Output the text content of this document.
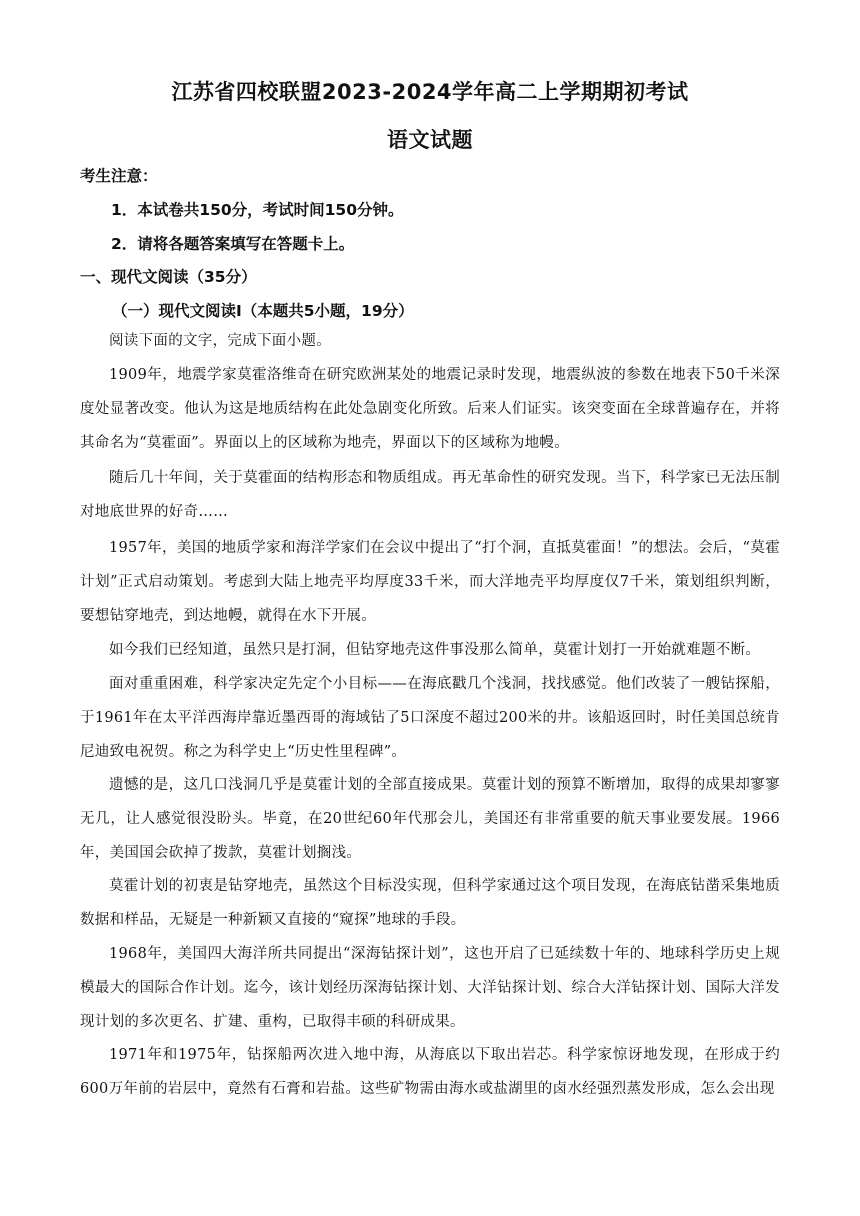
江苏省四校联盟2023-2024学年高二上学期期初考试
语文试题
考生注意：
1．本试卷共150分，考试时间150分钟。
2．请将各题答案填写在答题卡上。
一、现代文阅读（35分）
（一）现代文阅读Ⅰ（本题共5小题，19分）
阅读下面的文字，完成下面小题。
1909年，地震学家莫霍洛维奇在研究欧洲某处的地震记录时发现，地震纵波的参数在地表下50千米深度处显著改变。他认为这是地质结构在此处急剧变化所致。后来人们证实。该突变面在全球普遍存在，并将其命名为“莫霍面”。界面以上的区域称为地壳，界面以下的区域称为地幔。
随后几十年间，关于莫霍面的结构形态和物质组成。再无革命性的研究发现。当下，科学家已无法压制对地底世界的好奇……
1957年，美国的地质学家和海洋学家们在会议中提出了“打个洞，直抵莫霍面！”的想法。会后，“莫霍计划”正式启动策划。考虑到大陆上地壳平均厚度33千米，而大洋地壳平均厚度仅7千米，策划组织判断，要想钻穿地壳，到达地幔，就得在水下开展。
如今我们已经知道，虽然只是打洞，但钻穿地壳这件事没那么简单，莫霍计划打一开始就难题不断。
面对重重困难，科学家决定先定个小目标——在海底戳几个浅洞，找找感觉。他们改装了一艘钻探船，于1961年在太平洋西海岸靠近墨西哥的海域钻了5口深度不超过200米的井。该船返回时，时任美国总统肯尼迪致电祝贺。称之为科学史上“历史性里程碑”。
遗憾的是，这几口浅洞几乎是莫霍计划的全部直接成果。莫霍计划的预算不断增加，取得的成果却寥寥无几，让人感觉很没盼头。毕竟，在20世纪60年代那会儿，美国还有非常重要的航天事业要发展。1966年，美国国会砍掉了拨款，莫霍计划搁浅。
莫霍计划的初衷是钻穿地壳，虽然这个目标没实现，但科学家通过这个项目发现，在海底钻凿采集地质数据和样品，无疑是一种新颖又直接的“窥探”地球的手段。
1968年，美国四大海洋所共同提出“深海钻探计划”，这也开启了已延续数十年的、地球科学历史上规模最大的国际合作计划。迄今，该计划经历深海钻探计划、大洋钻探计划、综合大洋钻探计划、国际大洋发现计划的多次更名、扩建、重构，已取得丰硕的科研成果。
1971年和1975年，钻探船两次进入地中海，从海底以下取出岩芯。科学家惊讶地发现，在形成于约600万年前的岩层中，竟然有石膏和岩盐。这些矿物需由海水或盐湖里的卤水经强烈蒸发形成，怎么会出现
